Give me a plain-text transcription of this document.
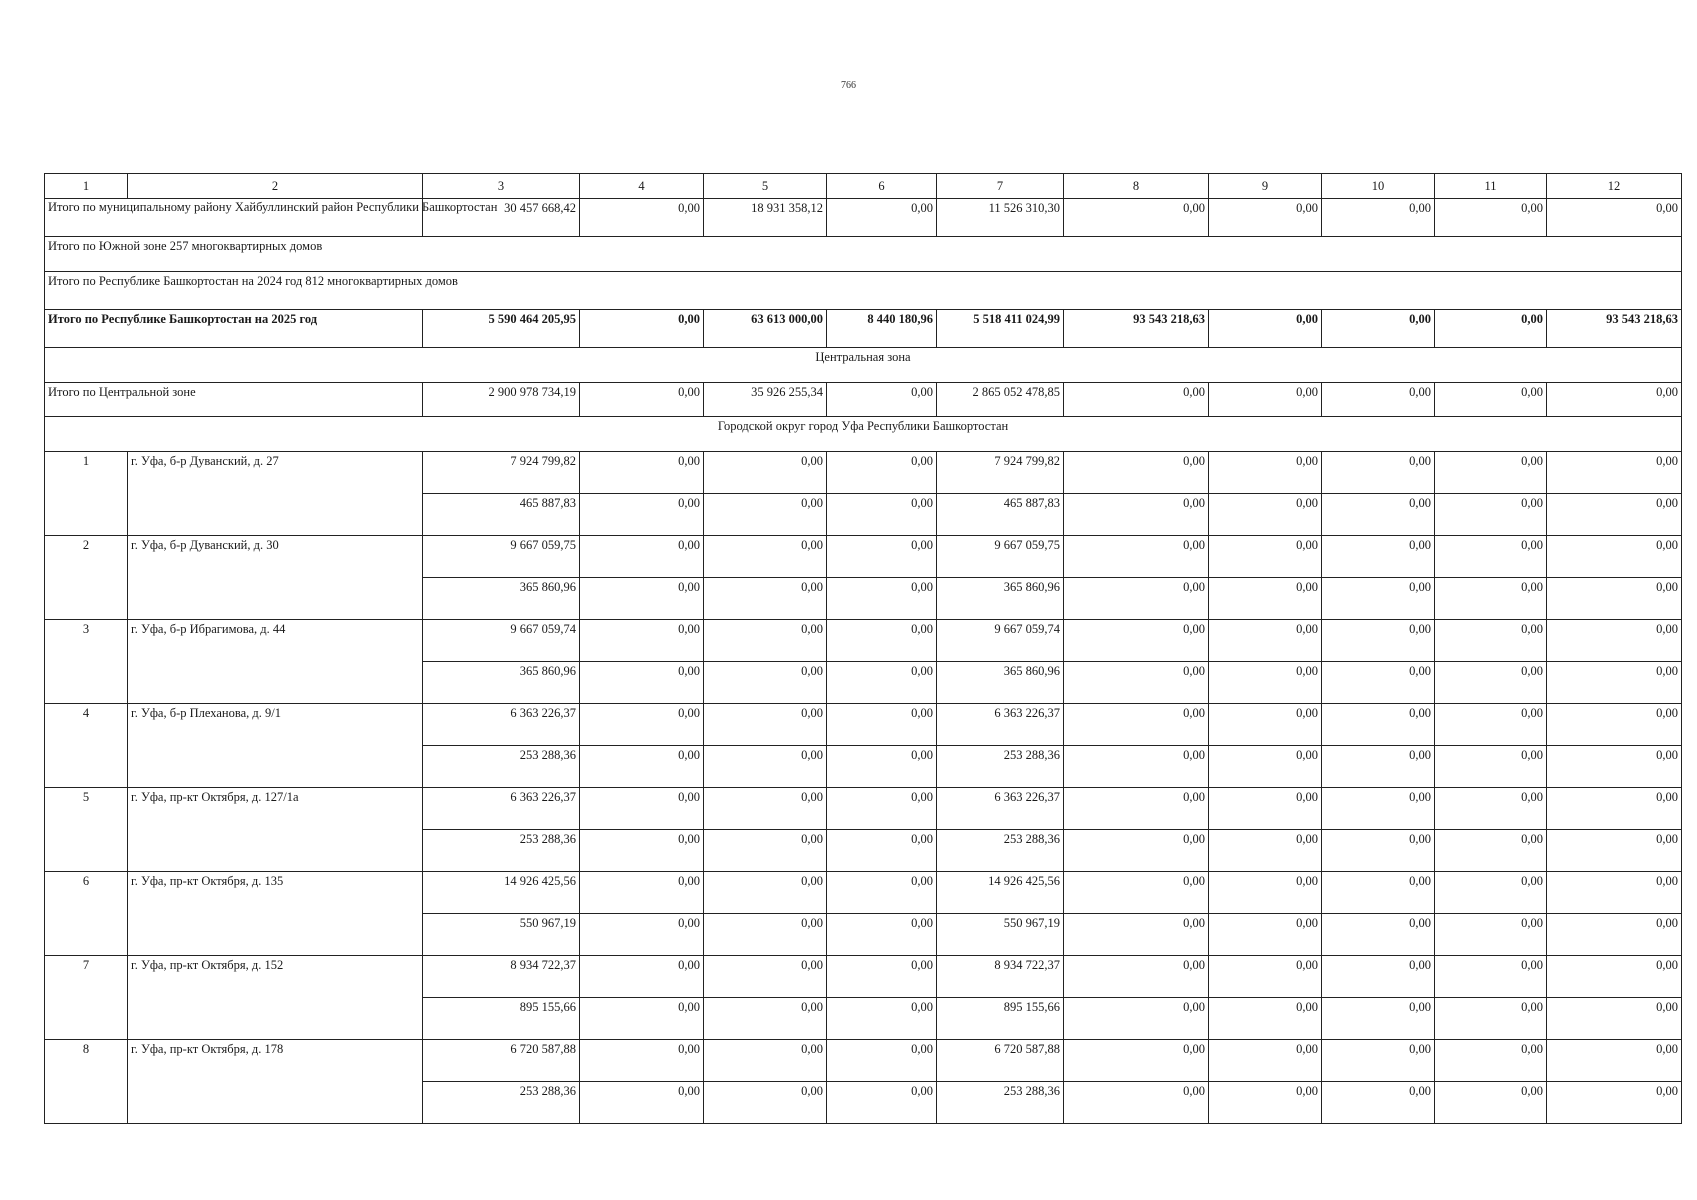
766
1	2	3	4	5	6	7	8	9	10	11	12
Итого по муниципальному району Хайбуллинский район Республики Башкортостан		30 457 668,42	0,00	18 931 358,12	0,00	11 526 310,30	0,00	0,00	0,00	0,00	0,00
Итого по Южной зоне 257 многоквартирных домов											
Итого по Республике Башкортостан на 2024 год 812 многоквартирных домов											
Итого по Республике Башкортостан на 2025 год		5 590 464 205,95	0,00	63 613 000,00	8 440 180,96	5 518 411 024,99	93 543 218,63	0,00	0,00	0,00	93 543 218,63
Центральная зона											
Итого по Центральной зоне		2 900 978 734,19	0,00	35 926 255,34	0,00	2 865 052 478,85	0,00	0,00	0,00	0,00	0,00
Городской округ город Уфа Республики Башкортостан											
1	г. Уфа, б-р Дуванский, д. 27	7 924 799,82	0,00	0,00	0,00	7 924 799,82	0,00	0,00	0,00	0,00	0,00
		465 887,83	0,00	0,00	0,00	465 887,83	0,00	0,00	0,00	0,00	0,00
2	г. Уфа, б-р Дуванский, д. 30	9 667 059,75	0,00	0,00	0,00	9 667 059,75	0,00	0,00	0,00	0,00	0,00
		365 860,96	0,00	0,00	0,00	365 860,96	0,00	0,00	0,00	0,00	0,00
3	г. Уфа, б-р Ибрагимова, д. 44	9 667 059,74	0,00	0,00	0,00	9 667 059,74	0,00	0,00	0,00	0,00	0,00
		365 860,96	0,00	0,00	0,00	365 860,96	0,00	0,00	0,00	0,00	0,00
4	г. Уфа, б-р Плеханова, д. 9/1	6 363 226,37	0,00	0,00	0,00	6 363 226,37	0,00	0,00	0,00	0,00	0,00
		253 288,36	0,00	0,00	0,00	253 288,36	0,00	0,00	0,00	0,00	0,00
5	г. Уфа, пр-кт Октября, д. 127/1а	6 363 226,37	0,00	0,00	0,00	6 363 226,37	0,00	0,00	0,00	0,00	0,00
		253 288,36	0,00	0,00	0,00	253 288,36	0,00	0,00	0,00	0,00	0,00
6	г. Уфа, пр-кт Октября, д. 135	14 926 425,56	0,00	0,00	0,00	14 926 425,56	0,00	0,00	0,00	0,00	0,00
		550 967,19	0,00	0,00	0,00	550 967,19	0,00	0,00	0,00	0,00	0,00
7	г. Уфа, пр-кт Октября, д. 152	8 934 722,37	0,00	0,00	0,00	8 934 722,37	0,00	0,00	0,00	0,00	0,00
		895 155,66	0,00	0,00	0,00	895 155,66	0,00	0,00	0,00	0,00	0,00
8	г. Уфа, пр-кт Октября, д. 178	6 720 587,88	0,00	0,00	0,00	6 720 587,88	0,00	0,00	0,00	0,00	0,00
		253 288,36	0,00	0,00	0,00	253 288,36	0,00	0,00	0,00	0,00	0,00
